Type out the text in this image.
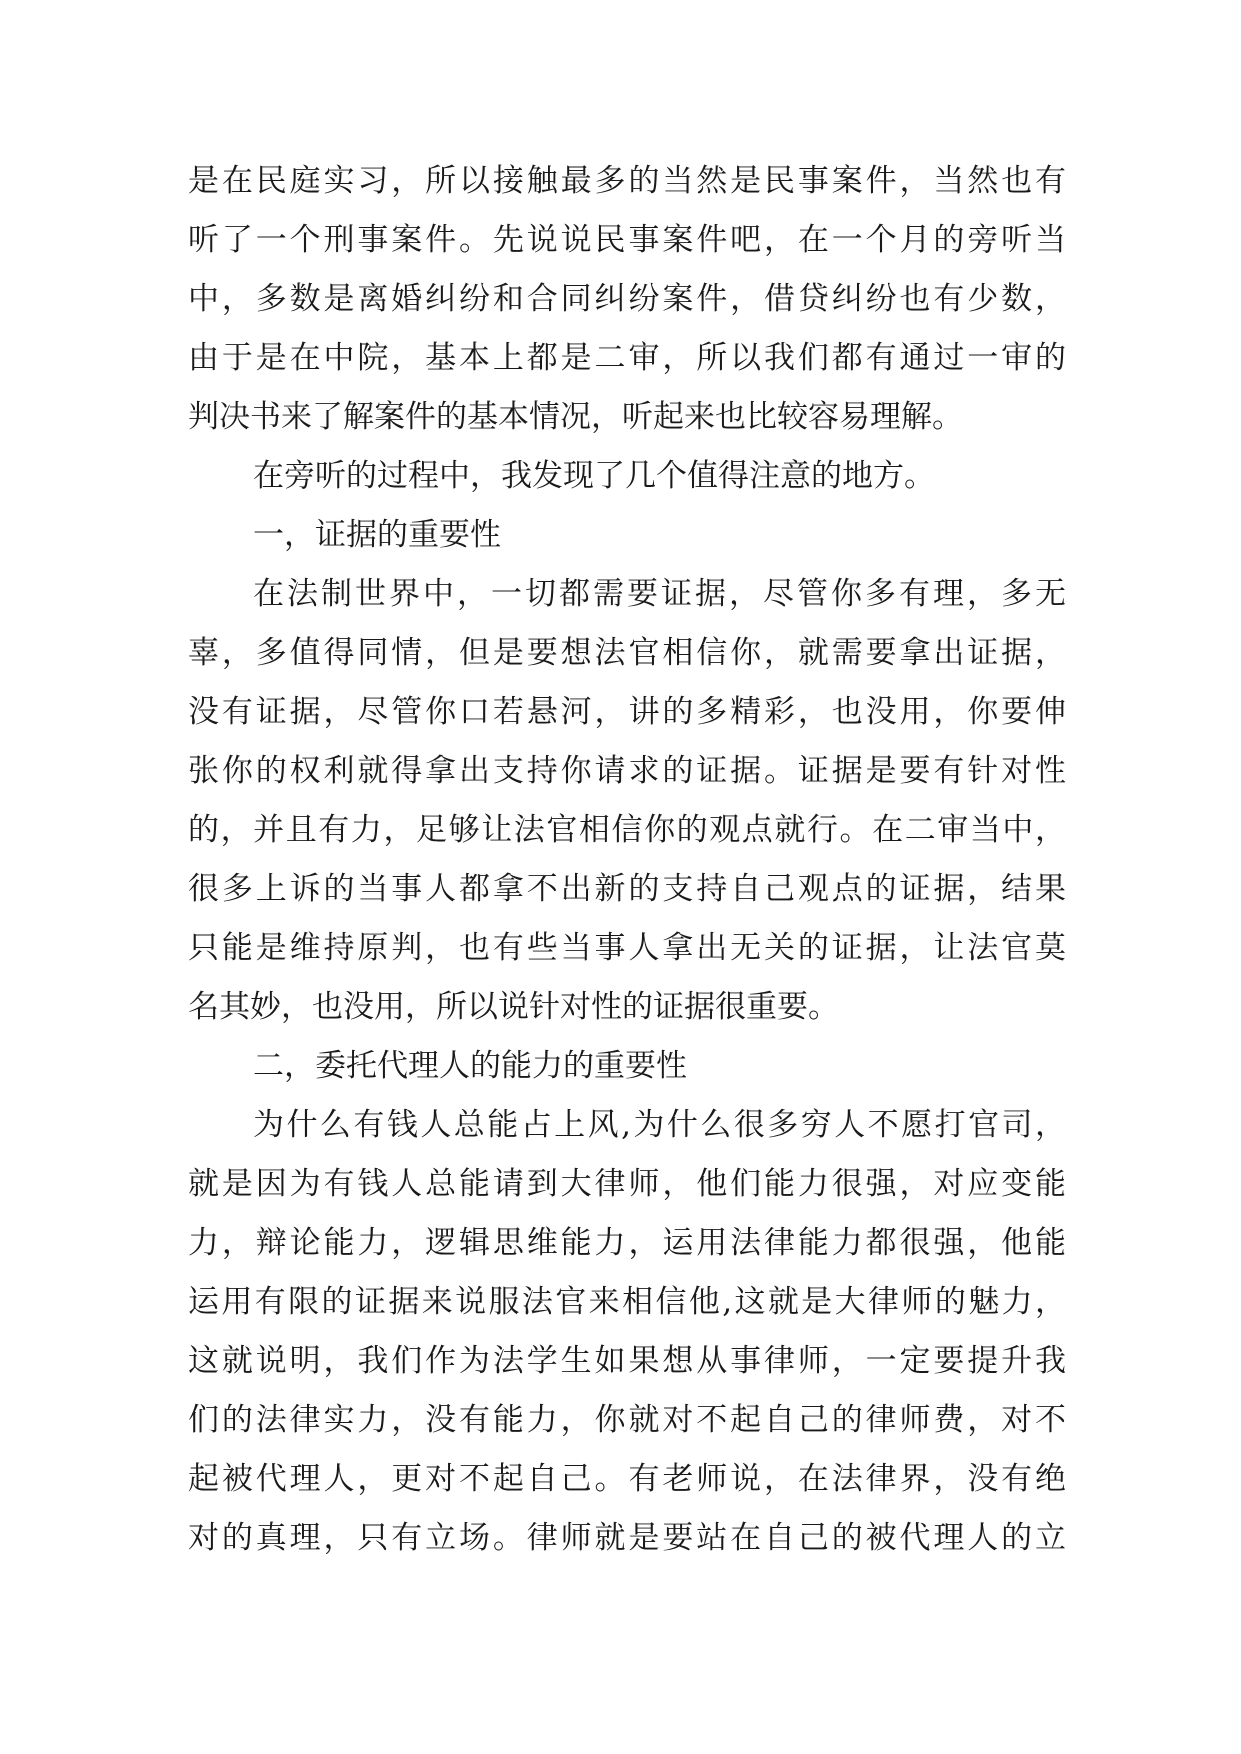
是在民庭实习，所以接触最多的当然是民事案件，当然也有
听了一个刑事案件。先说说民事案件吧，在一个月的旁听当
中，多数是离婚纠纷和合同纠纷案件，借贷纠纷也有少数，
由于是在中院，基本上都是二审，所以我们都有通过一审的
判决书来了解案件的基本情况，听起来也比较容易理解。
在旁听的过程中，我发现了几个值得注意的地方。
一，证据的重要性
在法制世界中，一切都需要证据，尽管你多有理，多无
辜，多值得同情，但是要想法官相信你，就需要拿出证据，
没有证据，尽管你口若悬河，讲的多精彩，也没用，你要伸
张你的权利就得拿出支持你请求的证据。证据是要有针对性
的，并且有力，足够让法官相信你的观点就行。在二审当中，
很多上诉的当事人都拿不出新的支持自己观点的证据，结果
只能是维持原判，也有些当事人拿出无关的证据，让法官莫
名其妙，也没用，所以说针对性的证据很重要。
二，委托代理人的能力的重要性
为什么有钱人总能占上风,为什么很多穷人不愿打官司，
就是因为有钱人总能请到大律师，他们能力很强，对应变能
力，辩论能力，逻辑思维能力，运用法律能力都很强，他能
运用有限的证据来说服法官来相信他,这就是大律师的魅力，
这就说明，我们作为法学生如果想从事律师，一定要提升我
们的法律实力，没有能力，你就对不起自己的律师费，对不
起被代理人，更对不起自己。有老师说，在法律界，没有绝
对的真理，只有立场。律师就是要站在自己的被代理人的立
